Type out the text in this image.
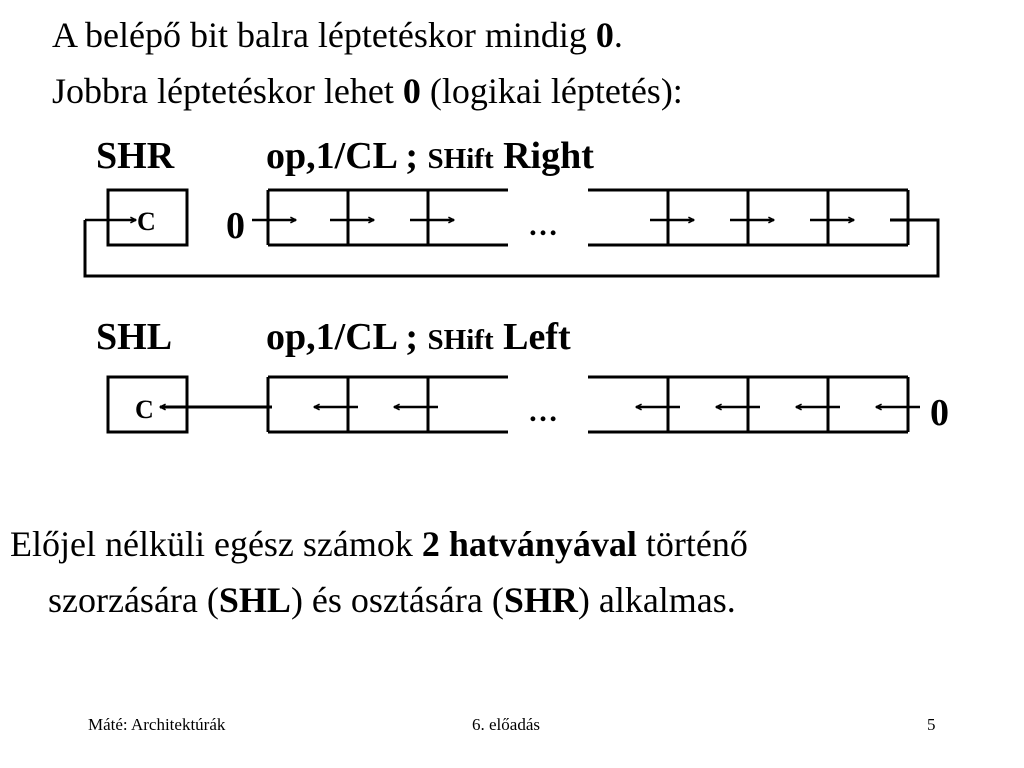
A belépő bit balra léptetéskor mindig 0.
Jobbra léptetéskor lehet 0 (logikai léptetés):
SHR op,1/CL ; SHift Right
SHL op,1/CL ; SHift Left
C 0	…
C	0
…
Előjel nélküli egész számok 2 hatványával történő
szorzására (SHL) és osztására (SHR) alkalmas.
Máté: Architektúrák	6. előadás	5
